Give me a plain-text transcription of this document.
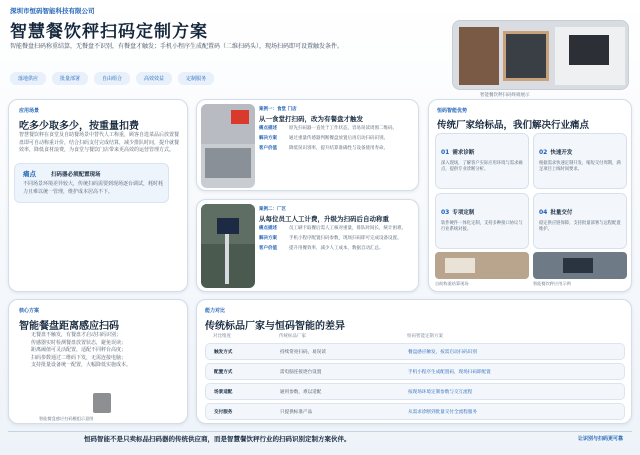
深圳市恒码智能科技有限公司
智慧餐饮秤扫码定制方案
智能餐盘扫码称重结算，无餐盘不识别，有餐盘才触发；手机小程序生成配置码（二维扫码头），现场扫码即可设置触发条件。
落地供应	批量部署	自由组合	高效效益	定制服务
智能餐饮秤扫码终端展示
应用场景
吃多少取多少，按重量扣费
智慧餐饮秤在食堂及自助餐场景中替代人工称重，顾客自选菜品后放置餐盘即可自动称重计价，结合扫码支付完成结算，减少排队时间，提升就餐效率，降低食材浪费，为食堂与餐饮门店带来更高效的运营管理方式。
痛点	扫码器必须配置现场
不同场景环境差异较大，传统扫码需要到现场逐台调试，耗时耗力且难以统一管理，维护成本居高不下。
案例一：食堂 门店
从一食堂打扫码，改为有餐盘才触发
痛点描述	原先扫码器一直处于工作状态，容易误读周围二维码。
解决方案	通过重量传感器判断餐盘放置后再启动扫码识别。
客户价值	降低误识别率，提升结算准确性与设备使用寿命。
案例二：厂区
从每位员工人工计费，升级为扫码后自动称重
痛点描述	员工刷卡取餐后需人工核对重量，排队时间长，统计困难。
解决方案	手机小程序配置扫码参数，现场扫码即可完成设备设置。
客户价值	提升用餐效率，减少人工成本，数据自动汇总。
恒码智能优势
传统厂家给标品，我们解决行业痛点
01 需求诊断
深入现场，了解客户实际应用环境与需求痛点，提供专业诊断分析。
02 快速开发
根据需求快速定制开发，缩短交付周期，满足项目上线时间要求。
03 专项定制
软件硬件一体化定制，支持多种接口协议与行业系统对接。
04 批量交付
稳定供应链保障，支持批量部署与远程配置维护。
自助称重结算现场	智能餐饮秤应用示例
核心方案
智能餐盘距离感应扫码
无餐盘不触发，有餐盘才启动扫码识别；
传感器实时检测餐盘放置状态，避免误读；
距离阈值可灵活配置，适配不同秤台高度；
扫码参数通过二维码下发，无需连接电脑；
支持批量设备统一配置，大幅降低实施成本。
智能餐盘感应扫码模组示意图
能力对比
传统标品厂家与恒码智能的差异
对比维度	传统标品厂家	恒码智能定制方案
触发方式	持续常亮扫码，易误读	餐盘感应触发，按需启动扫码识别
配置方式	需电脑连接逐台设置	手机小程序生成配置码，现场扫码即配置
场景适配	通用参数，难以适配	按现场环境定制参数与交互流程
交付服务	只提供标准产品	从需求诊断到批量交付全流程服务
恒码智能不是只卖标品扫码器的传统供应商，而是智慧餐饮秤行业的扫码识别定制方案伙伴。	让识别与扫码更可靠
